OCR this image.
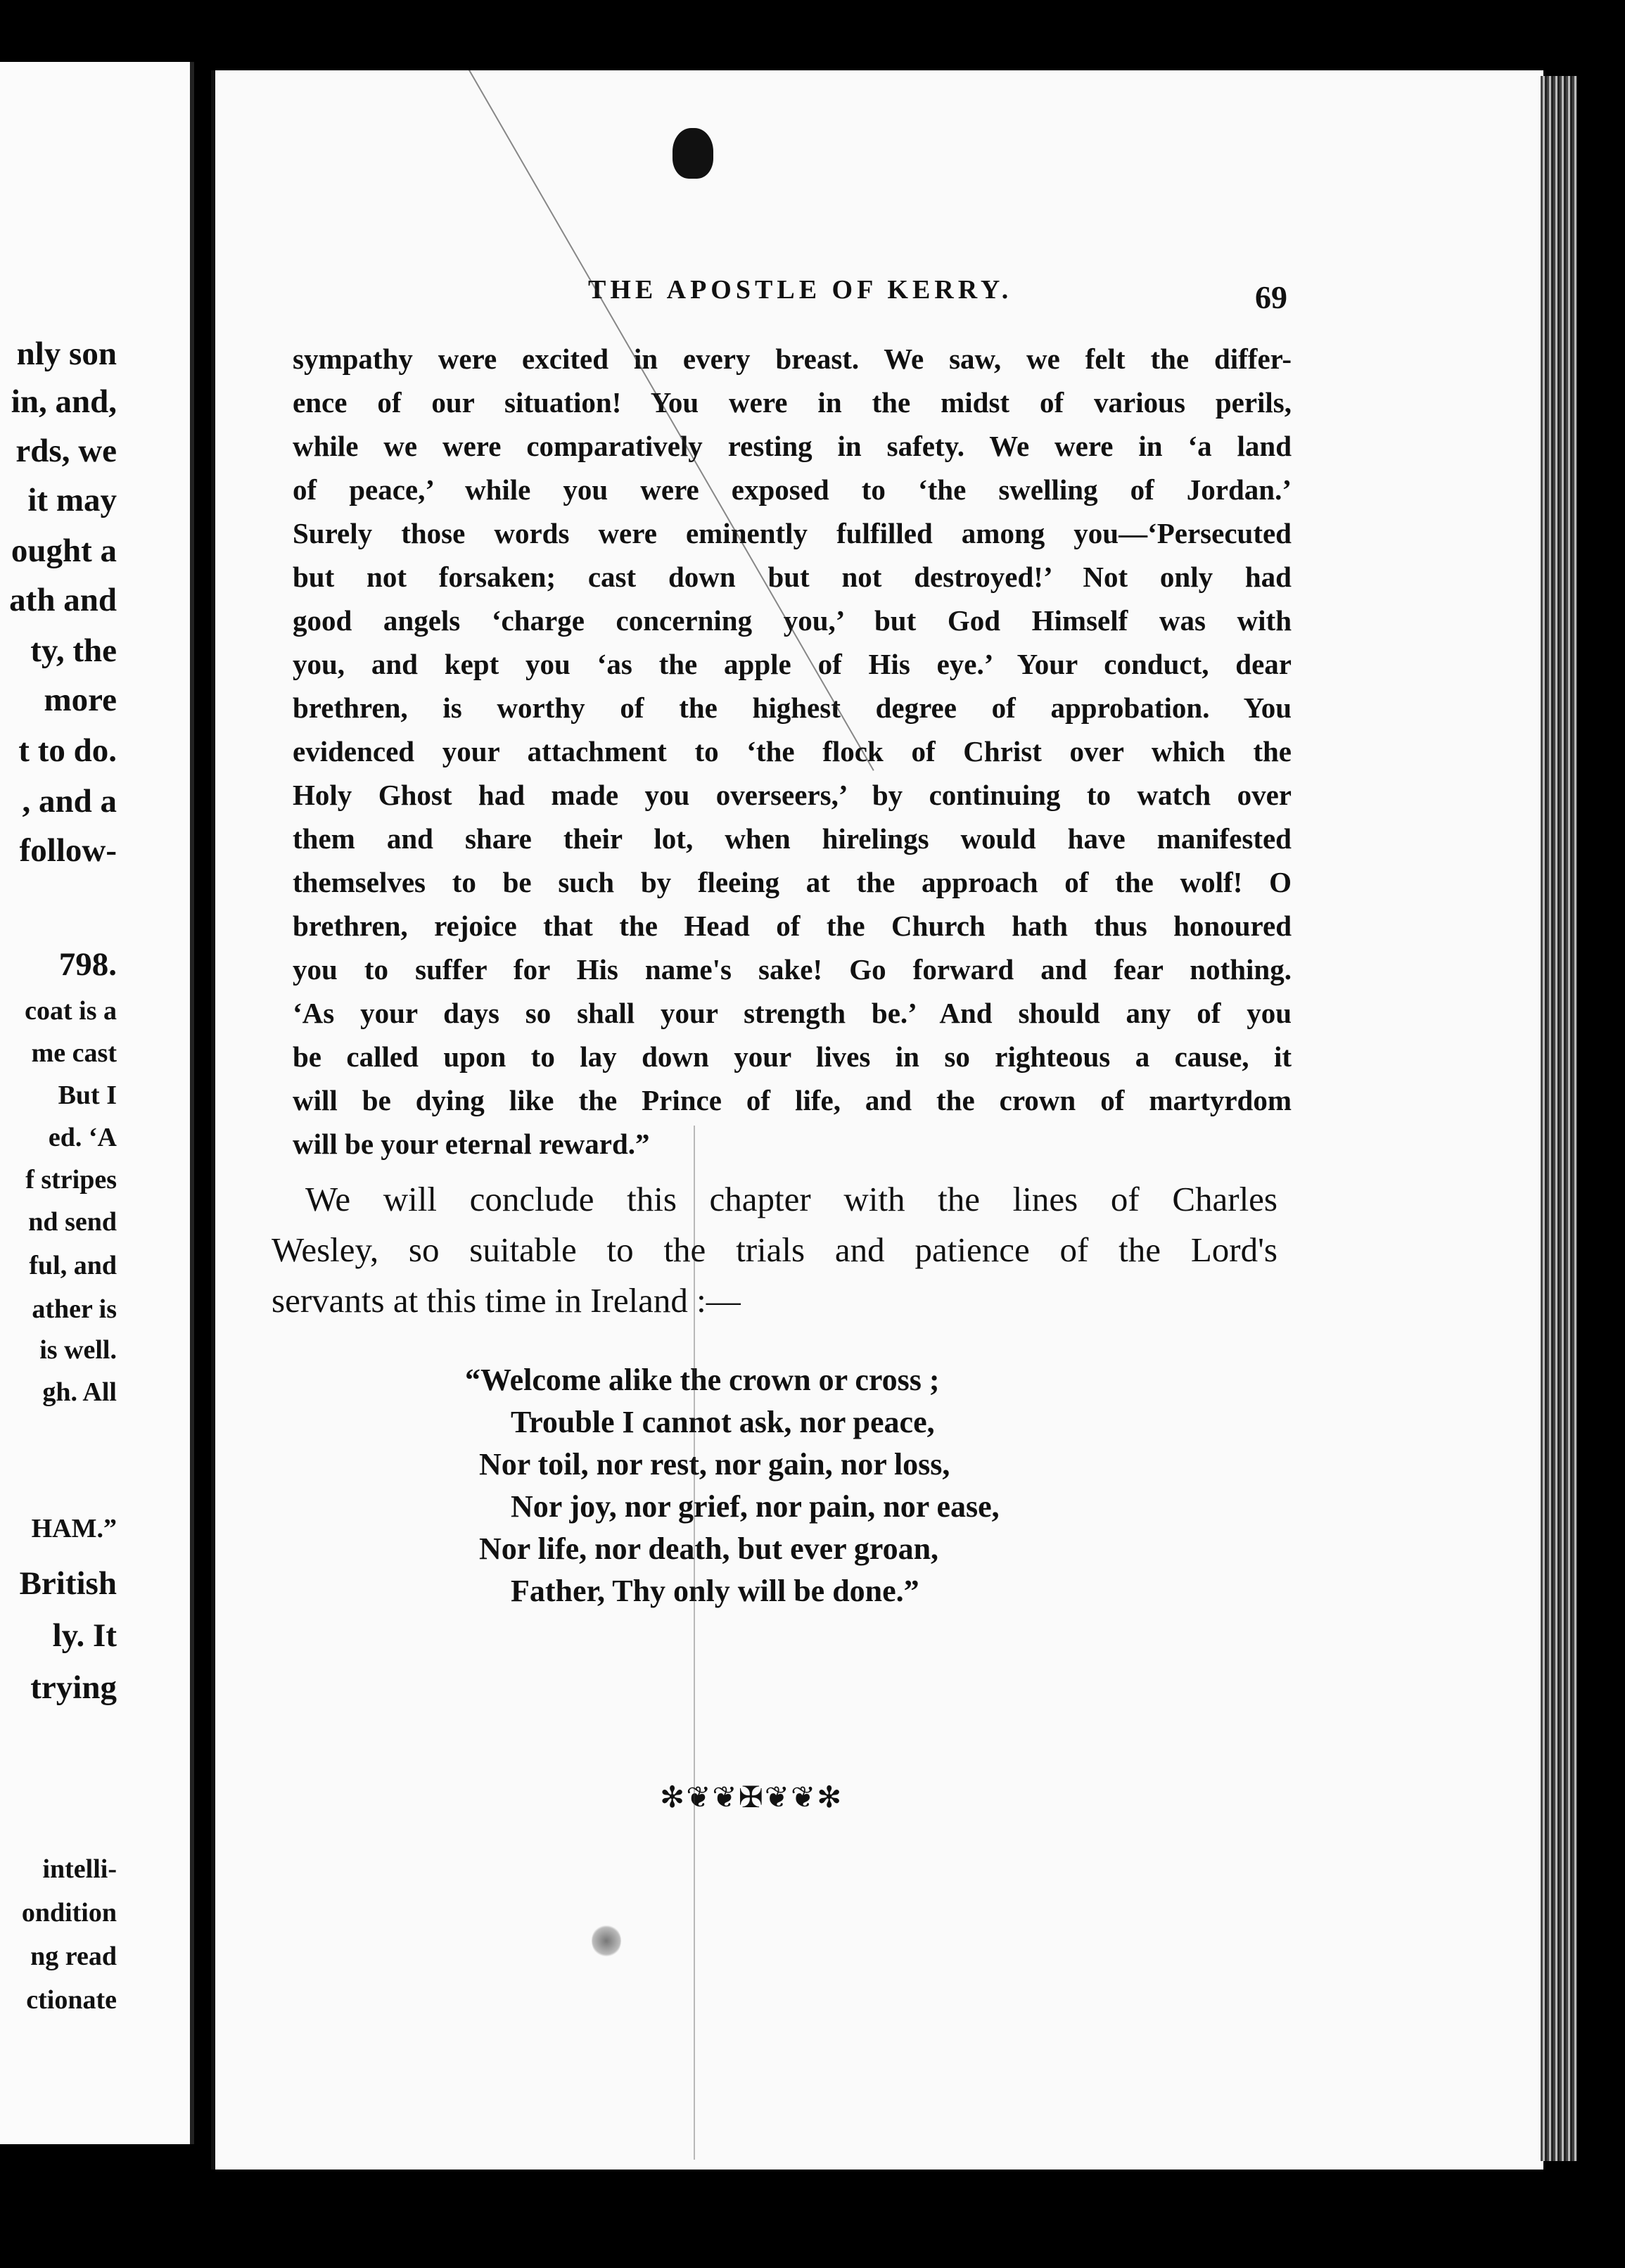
nly son
in, and,
rds, we
it may
ought a
ath and
ty, the
more
t to do.
, and a
follow-
798.
coat is a
me cast
But I
ed. ‘A
f stripes
nd send
ful, and
ather is
is well.
gh. All
HAM.”
British
ly. It
trying
intelli-
ondition
ng read
ctionate
THE APOSTLE OF KERRY.	69
sympathy were excited in every breast. We saw, we felt the differ-
ence of our situation! You were in the midst of various perils,
while we were comparatively resting in safety. We were in ‘a land
of peace,’ while you were exposed to ‘the swelling of Jordan.’
Surely those words were eminently fulfilled among you—‘Persecuted
but not forsaken; cast down but not destroyed!’ Not only had
good angels ‘charge concerning you,’ but God Himself was with
you, and kept you ‘as the apple of His eye.’ Your conduct, dear
brethren, is worthy of the highest degree of approbation. You
evidenced your attachment to ‘the flock of Christ over which the
Holy Ghost had made you overseers,’ by continuing to watch over
them and share their lot, when hirelings would have manifested
themselves to be such by fleeing at the approach of the wolf! O
brethren, rejoice that the Head of the Church hath thus honoured
you to suffer for His name's sake! Go forward and fear nothing.
‘As your days so shall your strength be.’ And should any of you
be called upon to lay down your lives in so righteous a cause, it
will be dying like the Prince of life, and the crown of martyrdom
will be your eternal reward.”
We will conclude this chapter with the lines of Charles
Wesley, so suitable to the trials and patience of the Lord's
servants at this time in Ireland :—
“Welcome alike the crown or cross ;
Trouble I cannot ask, nor peace,
Nor toil, nor rest, nor gain, nor loss,
Nor joy, nor grief, nor pain, nor ease,
Nor life, nor death, but ever groan,
Father, Thy only will be done.”
✻❦❦✠❦❦✻
